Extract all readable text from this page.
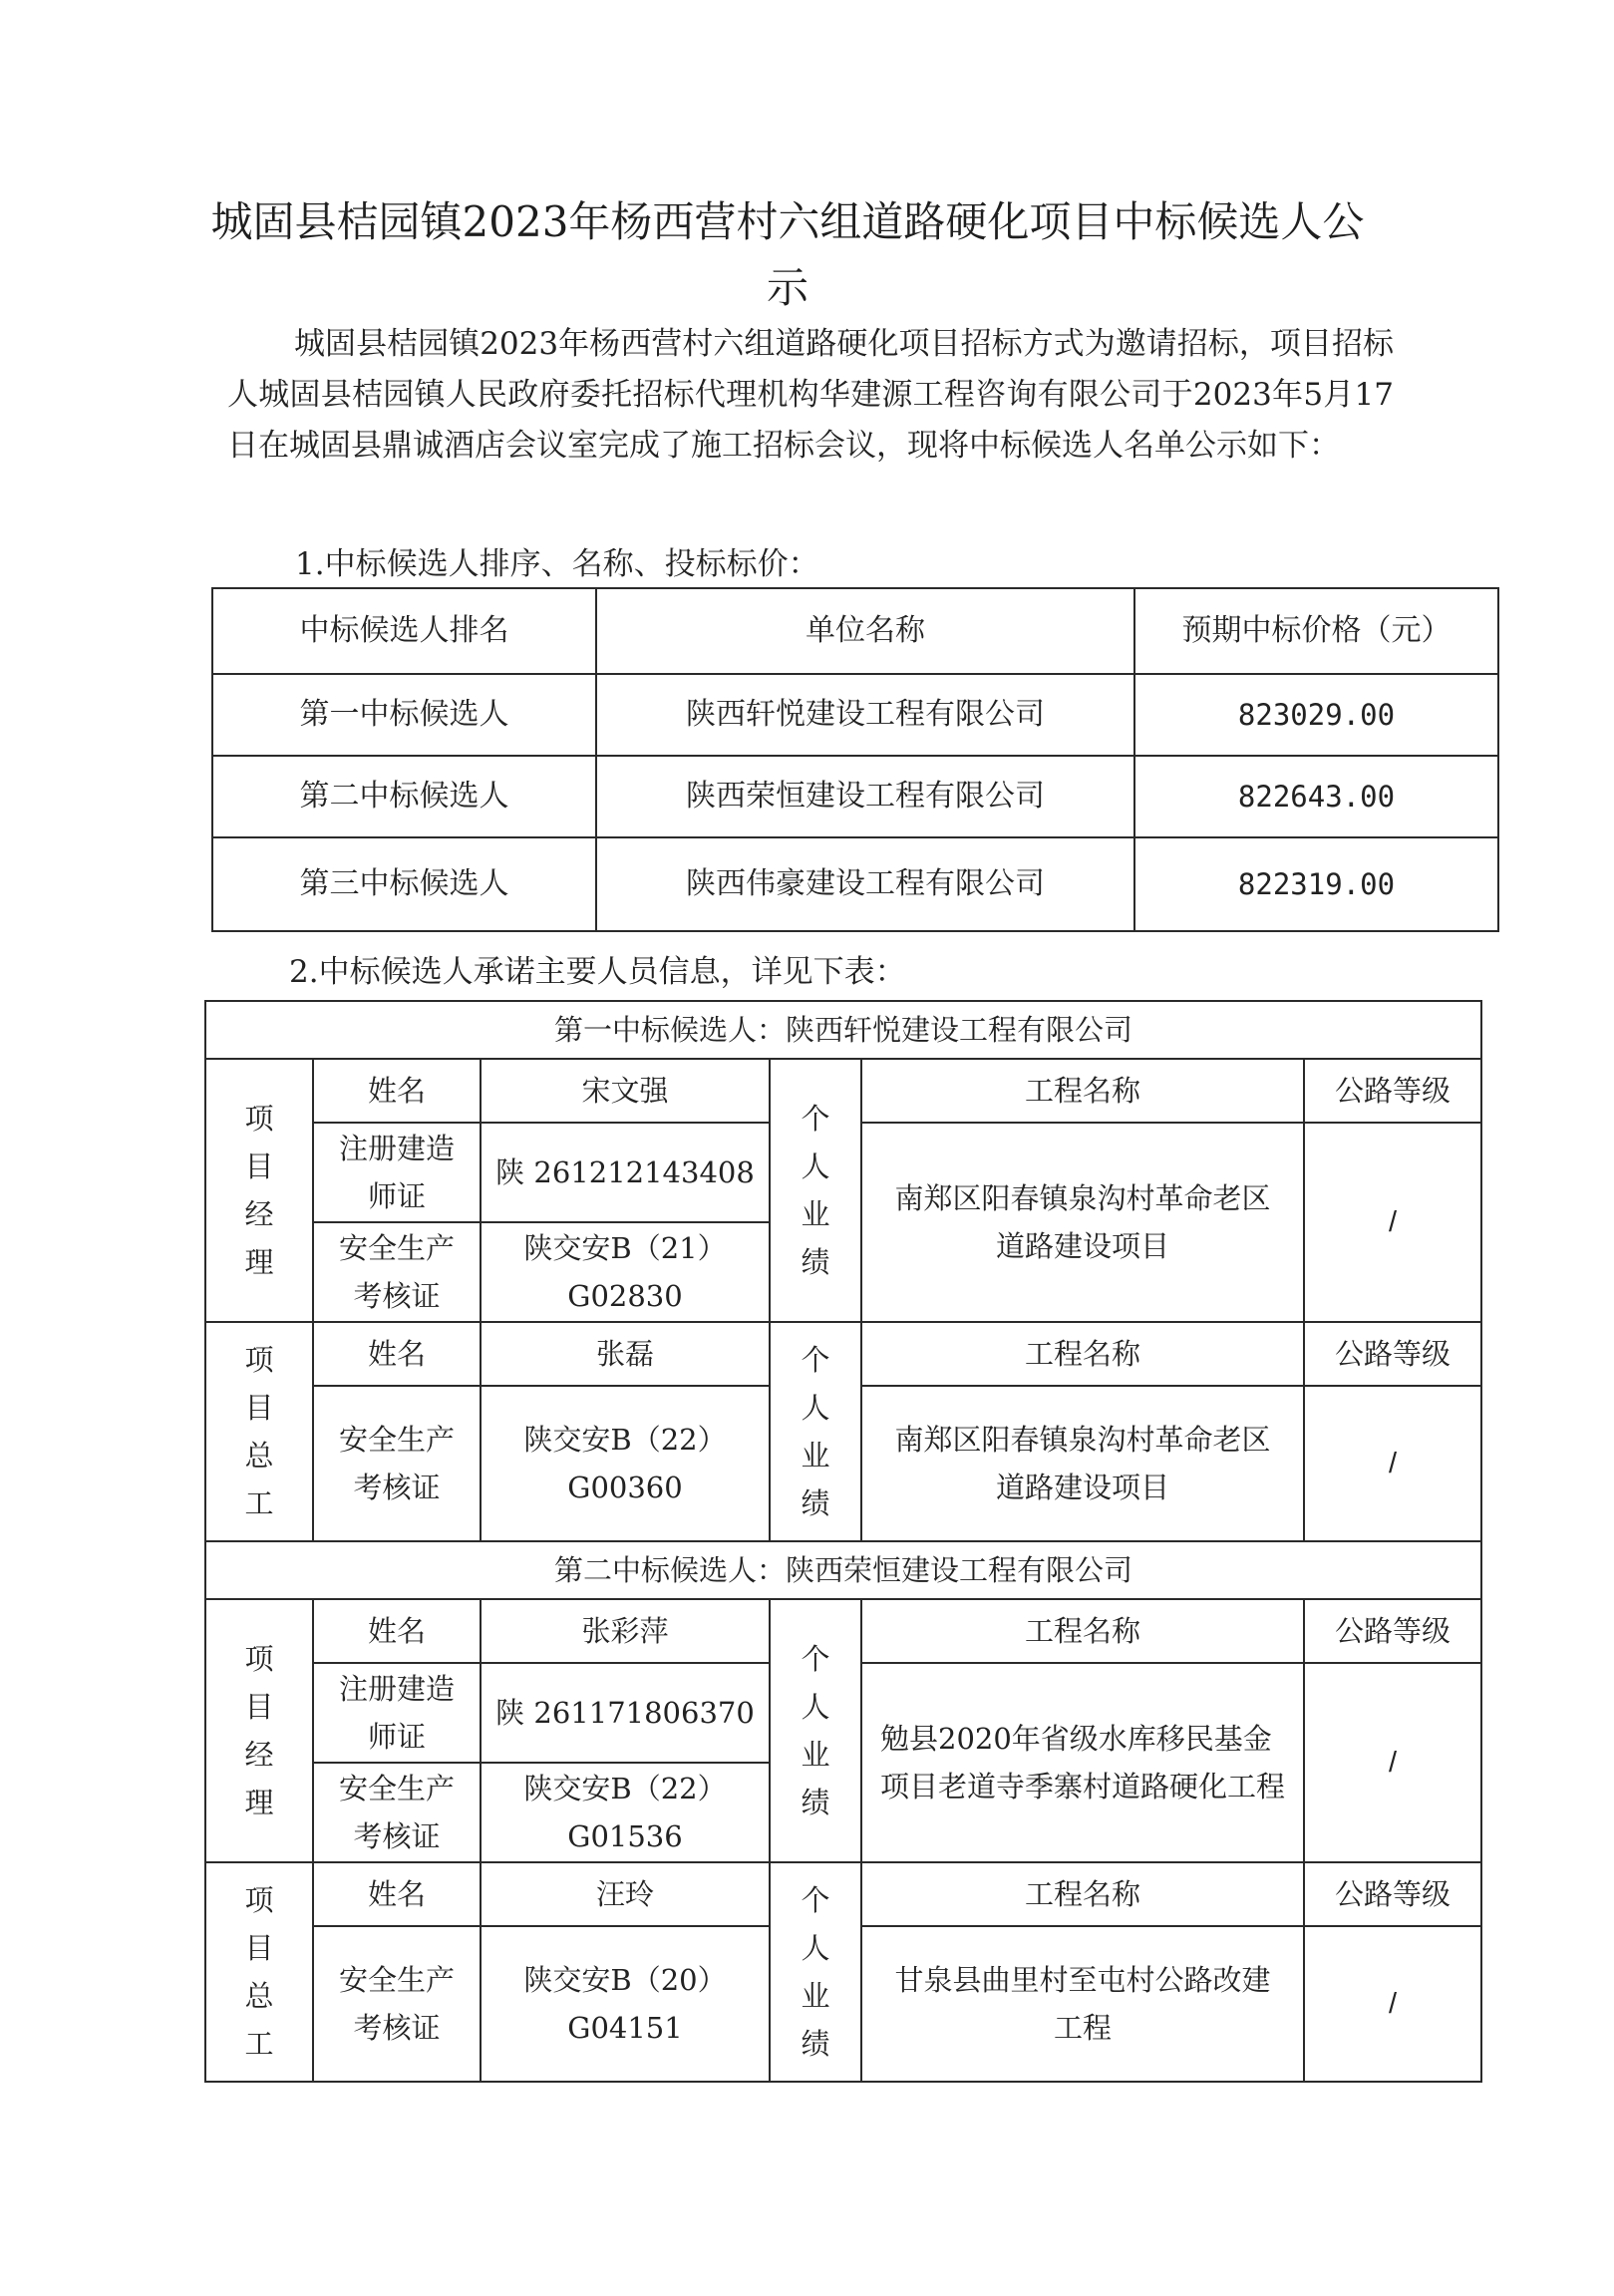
城固县桔园镇2023年杨西营村六组道路硬化项目中标候选人公示
城固县桔园镇2023年杨西营村六组道路硬化项目招标方式为邀请招标，项目招标人城固县桔园镇人民政府委托招标代理机构华建源工程咨询有限公司于2023年5月17日在城固县鼎诚酒店会议室完成了施工招标会议，现将中标候选人名单公示如下：
1.中标候选人排序、名称、投标标价：
中标候选人排名	单位名称	预期中标价格（元）
第一中标候选人	陕西轩悦建设工程有限公司	823029.00
第二中标候选人	陕西荣恒建设工程有限公司	822643.00
第三中标候选人	陕西伟豪建设工程有限公司	822319.00
2.中标候选人承诺主要人员信息，详见下表：
第一中标候选人：陕西轩悦建设工程有限公司					
项目经理	姓名	宋文强	个人业绩	工程名称	公路等级
	注册建造师证	陕 261212143408		南郑区阳春镇泉沟村革命老区道路建设项目	/
	安全生产考核证	陕交安B（21）G02830			
项目总工	姓名	张磊	个人业绩	工程名称	公路等级
	安全生产考核证	陕交安B（22）G00360		南郑区阳春镇泉沟村革命老区道路建设项目	/
第二中标候选人：陕西荣恒建设工程有限公司					
项目经理	姓名	张彩萍	个人业绩	工程名称	公路等级
	注册建造师证	陕 261171806370		勉县2020年省级水库移民基金项目老道寺季寨村道路硬化工程	/
	安全生产考核证	陕交安B（22）G01536			
项目总工	姓名	汪玲	个人业绩	工程名称	公路等级
	安全生产考核证	陕交安B（20）G04151		甘泉县曲里村至屯村公路改建工程	/
